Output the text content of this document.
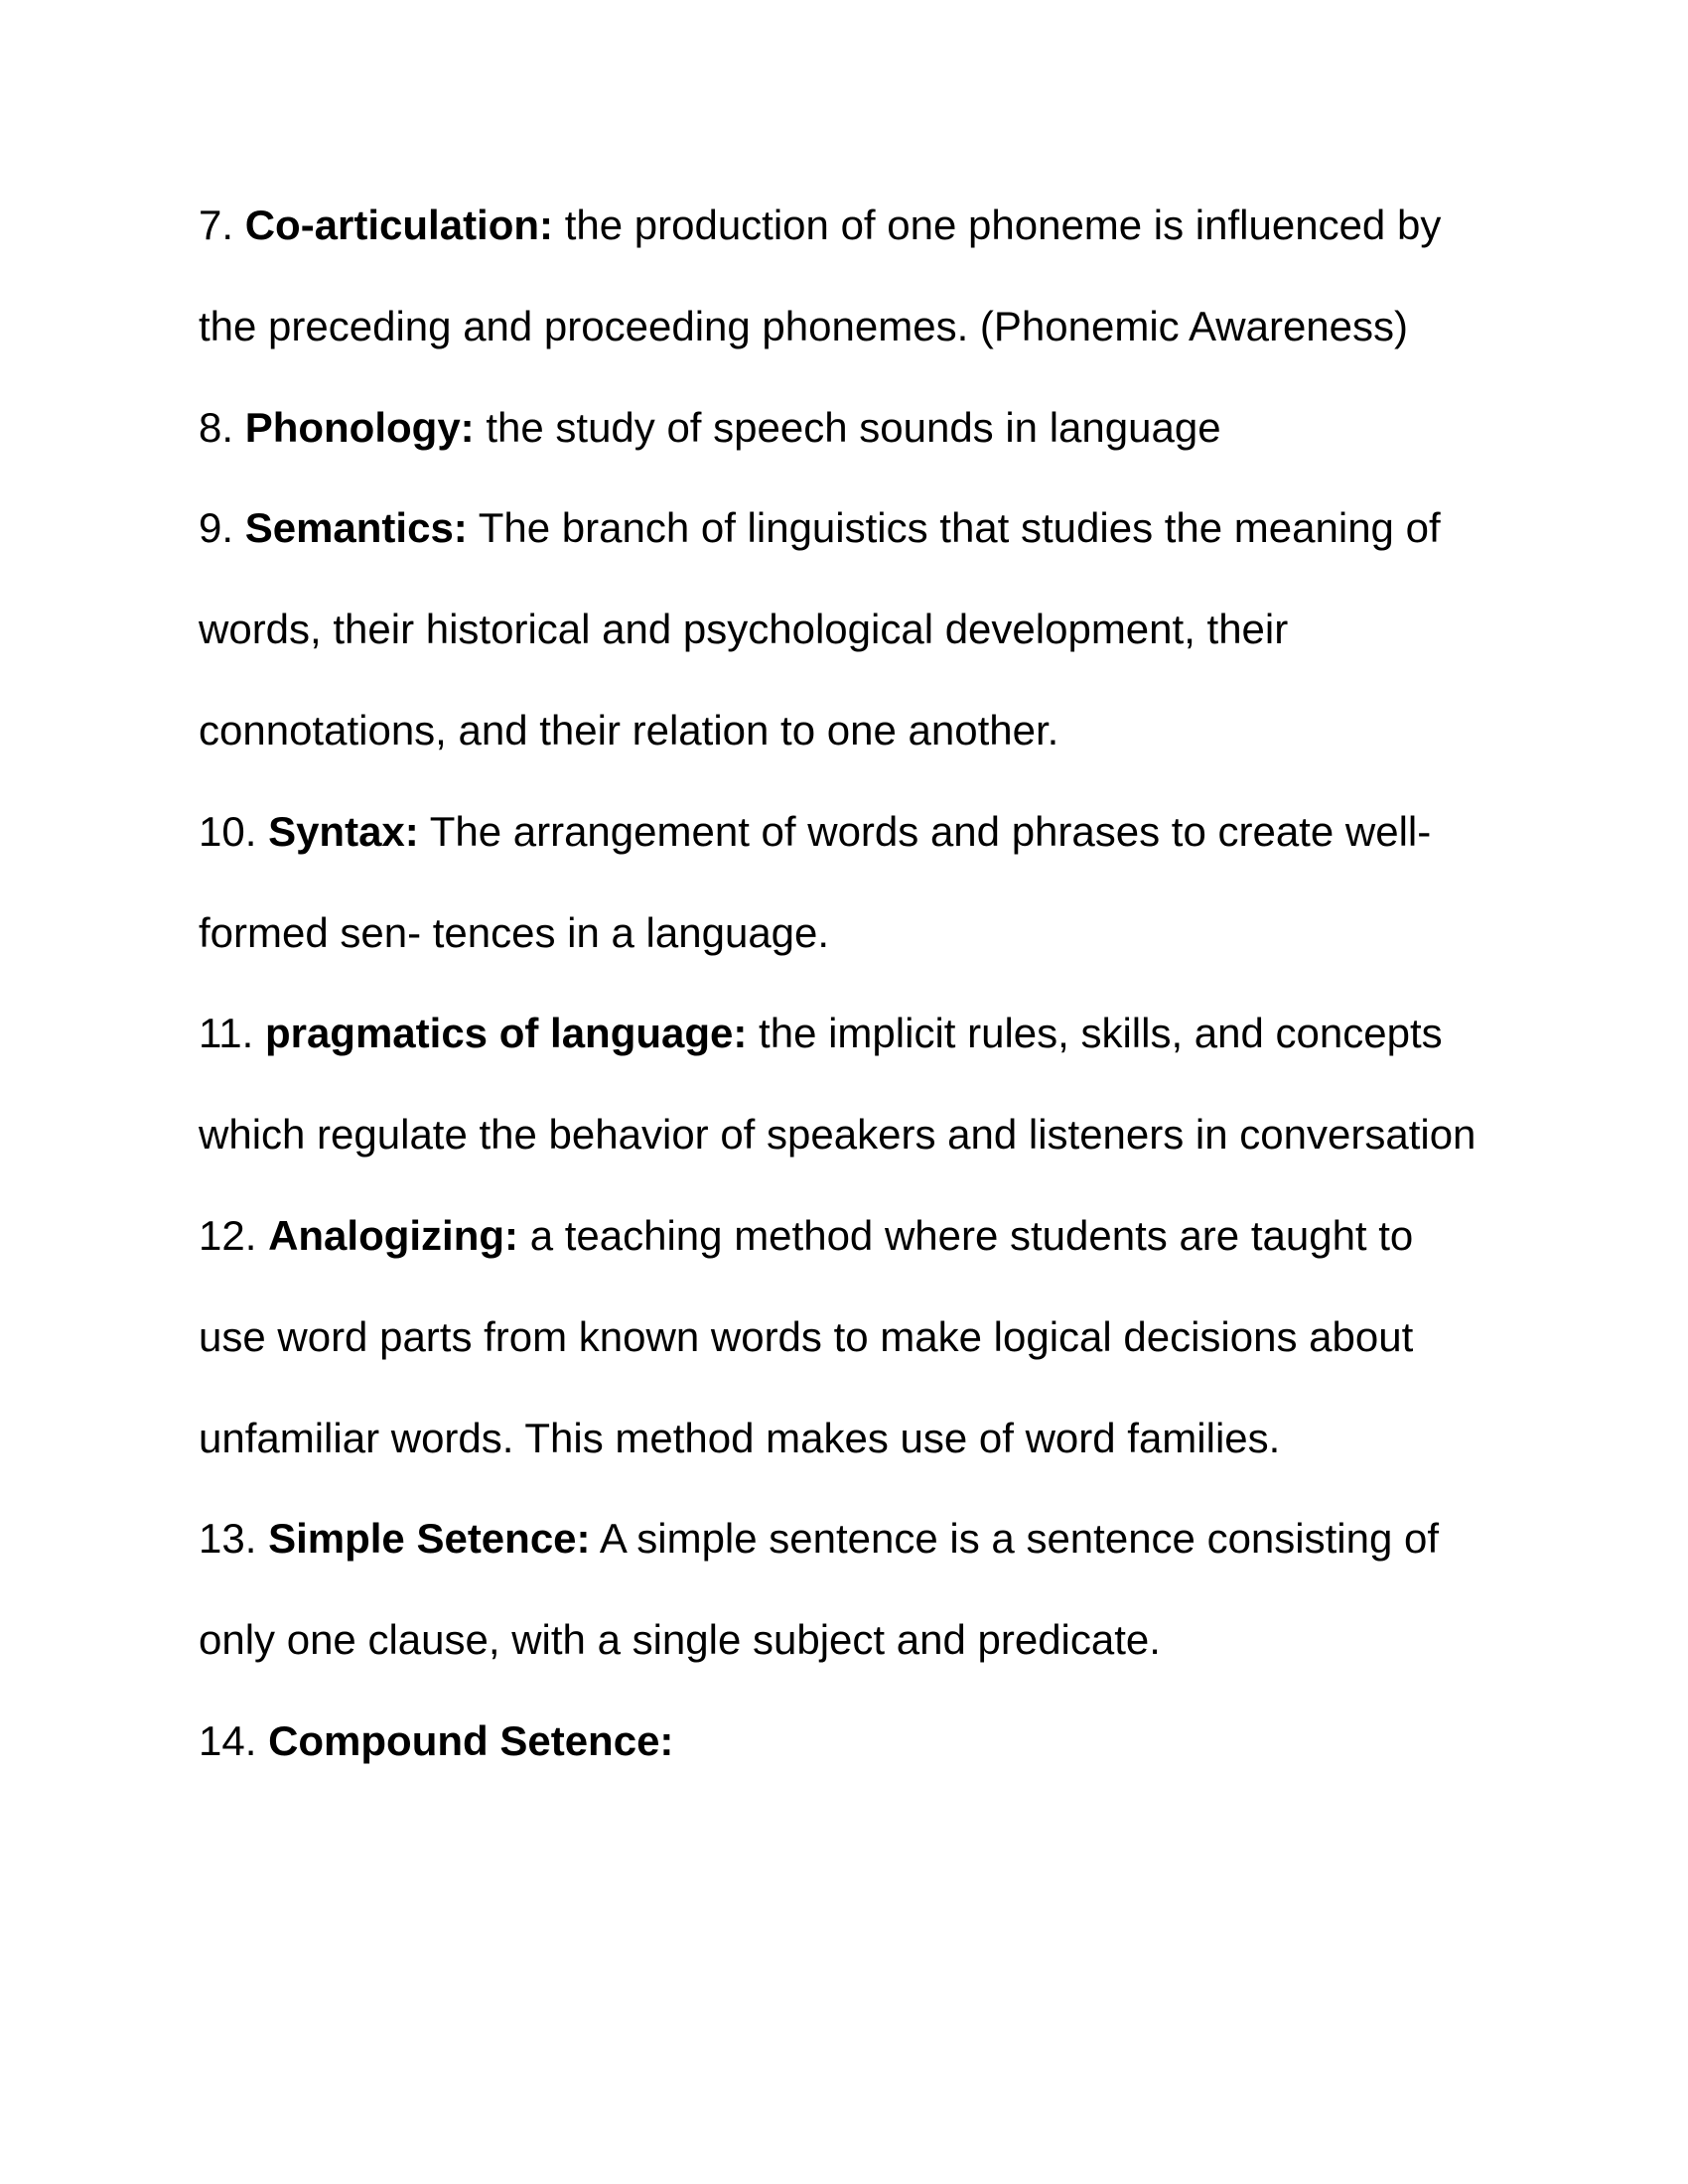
7. Co-articulation: the production of one phoneme is influenced by the preceding and proceeding phonemes. (Phonemic Awareness)

8. Phonology: the study of speech sounds in language

9. Semantics: The branch of linguistics that studies the meaning of words, their historical and psychological development, their connotations, and their relation to one another.

10. Syntax: The arrangement of words and phrases to create well-formed sen- tences in a language.

11. pragmatics of language: the implicit rules, skills, and concepts which regulate the behavior of speakers and listeners in conversation

12. Analogizing: a teaching method where students are taught to use word parts from known words to make logical decisions about unfamiliar words. This method makes use of word families.

13. Simple Setence: A simple sentence is a sentence consisting of only one clause, with a single subject and predicate.

14. Compound Setence:
